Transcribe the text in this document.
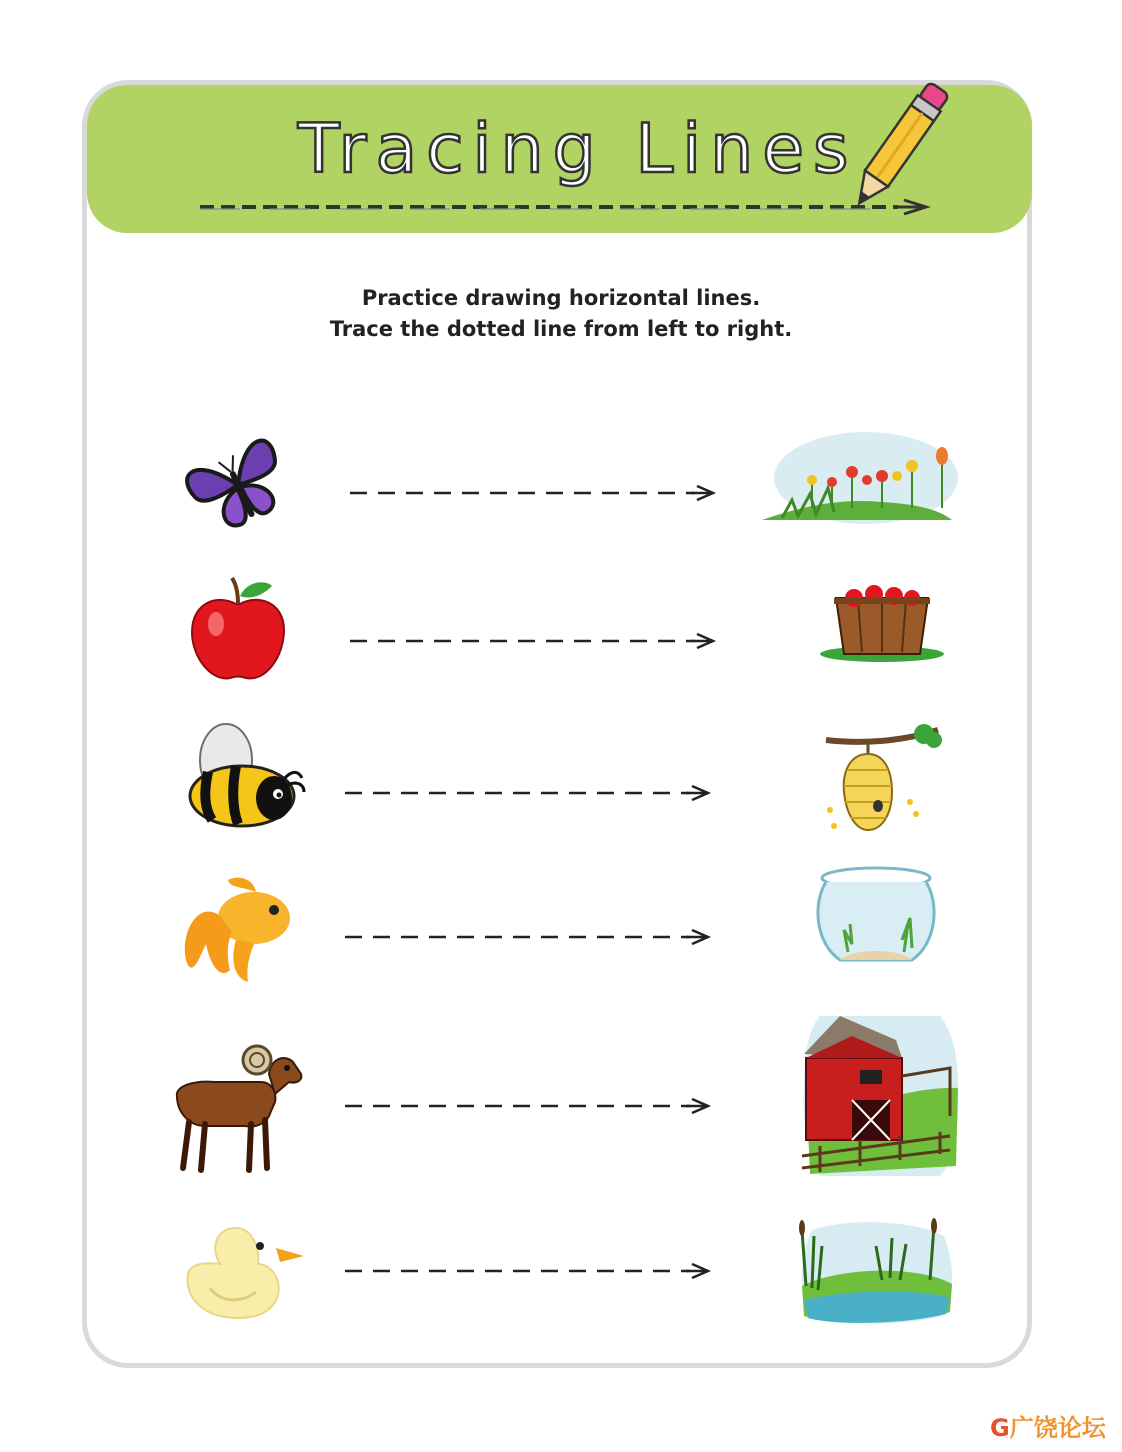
Tracing Lines
Practice drawing horizontal lines.
Trace the dotted line from left to right.
G广饶论坛
